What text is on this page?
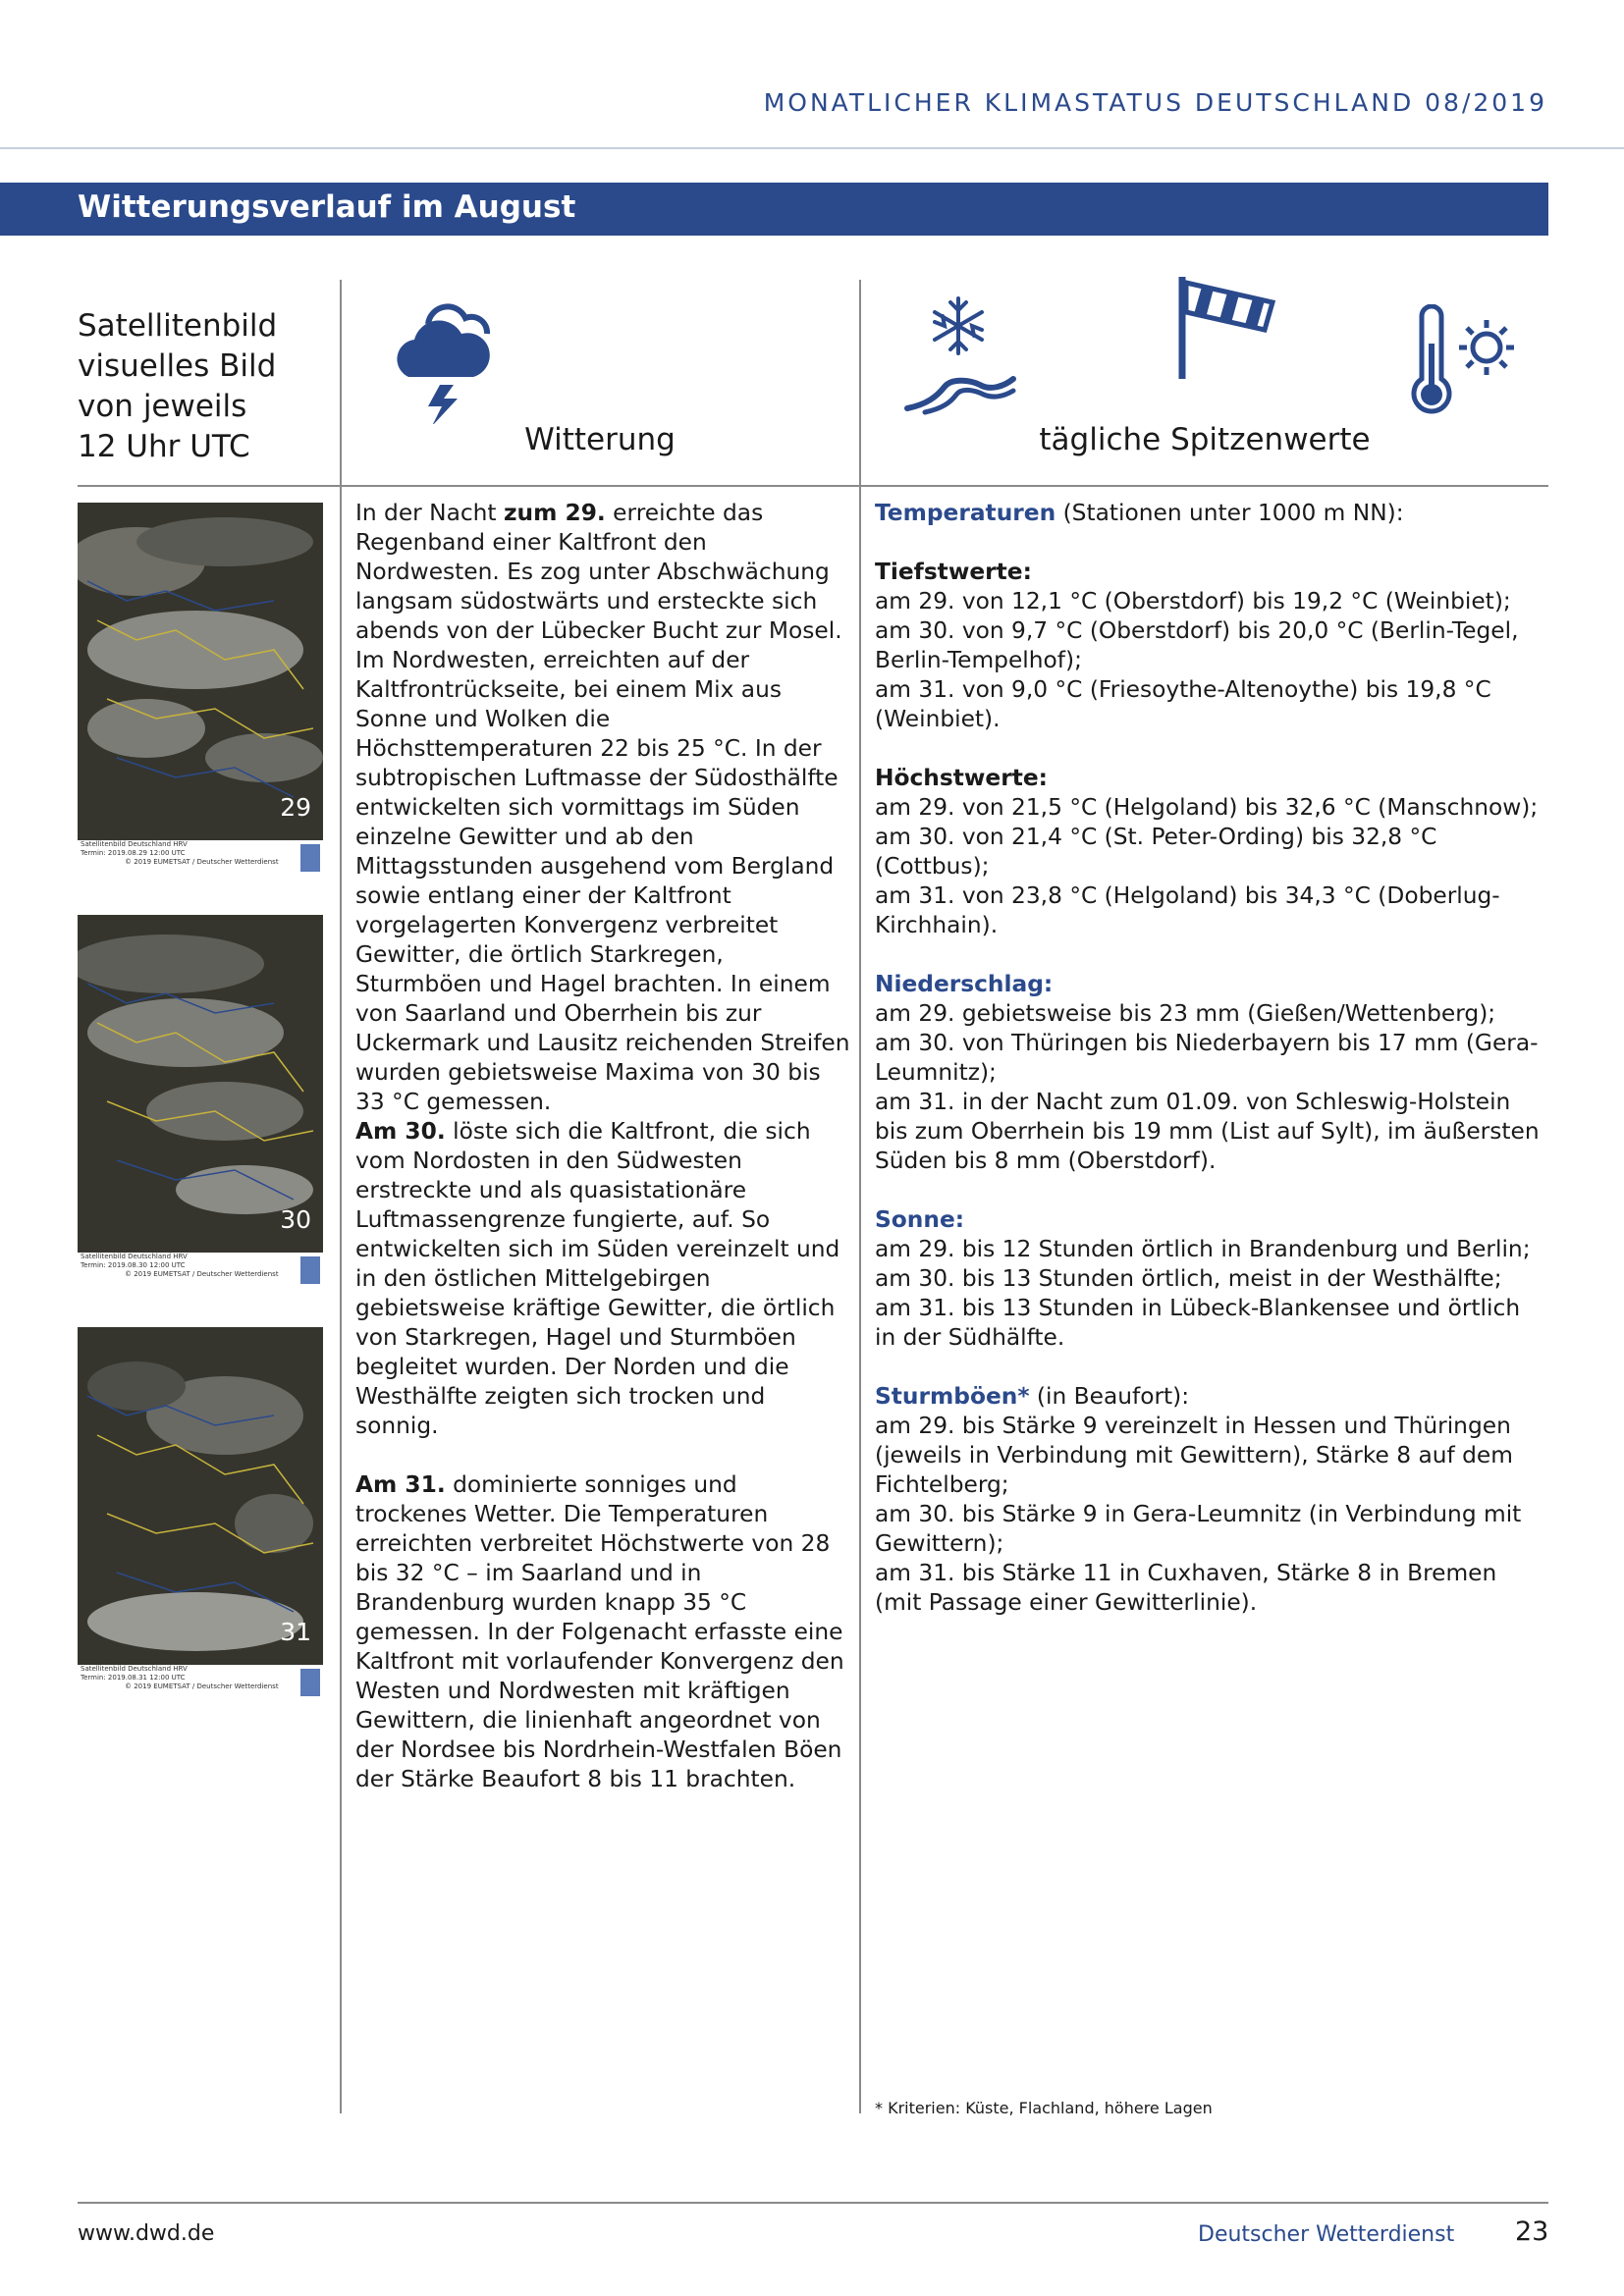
MONATLICHER KLIMASTATUS DEUTSCHLAND 08/2019
Witterungsverlauf im August
Satellitenbild
visuelles Bild
von jeweils
12 Uhr UTC	Witterung	tägliche Spitzenwerte
29
Satellitenbild Deutschland HRV
Termin: 2019.08.29 12:00 UTC
© 2019 EUMETSAT / Deutscher Wetterdienst
30
Satellitenbild Deutschland HRV
Termin: 2019.08.30 12:00 UTC
© 2019 EUMETSAT / Deutscher Wetterdienst
31
Satellitenbild Deutschland HRV
Termin: 2019.08.31 12:00 UTC
© 2019 EUMETSAT / Deutscher Wetterdienst

In der Nacht zum 29. erreichte das Regenband einer Kaltfront den Nordwesten. Es zog unter Abschwächung langsam südostwärts und ersteckte sich abends von der Lübecker Bucht zur Mosel. Im Nordwesten, erreichten auf der Kaltfrontrückseite, bei einem Mix aus Sonne und Wolken die Höchsttemperaturen 22 bis 25 °C. In der subtropischen Luftmasse der Südosthälfte entwickelten sich vormittags im Süden einzelne Gewitter und ab den Mittagsstunden ausgehend vom Bergland sowie entlang einer der Kaltfront vorgelagerten Konvergenz verbreitet Gewitter, die örtlich Starkregen, Sturmböen und Hagel brachten. In einem von Saarland und Oberrhein bis zur Uckermark und Lausitz reichenden Streifen wurden gebietsweise Maxima von 30 bis 33 °C gemessen.

Am 30. löste sich die Kaltfront, die sich vom Nordosten in den Südwesten erstreckte und als quasistationäre Luftmassengrenze fungierte, auf. So entwickelten sich im Süden vereinzelt und in den östlichen Mittelgebirgen gebietsweise kräftige Gewitter, die örtlich von Starkregen, Hagel und Sturmböen begleitet wurden. Der Norden und die Westhälfte zeigten sich trocken und sonnig.

Am 31. dominierte sonniges und trockenes Wetter. Die Temperaturen erreichten verbreitet Höchstwerte von 28 bis 32 °C – im Saarland und in Brandenburg wurden knapp 35 °C gemessen. In der Folgenacht erfasste eine Kaltfront mit vorlaufender Konvergenz den Westen und Nordwesten mit kräftigen Gewittern, die linienhaft angeordnet von der Nordsee bis Nordrhein-Westfalen Böen der Stärke Beaufort 8 bis 11 brachten.

Temperaturen (Stationen unter 1000 m NN):

Tiefstwerte:

am 29. von 12,1 °C (Oberstdorf) bis 19,2 °C (Weinbiet);

am 30. von 9,7 °C (Oberstdorf) bis 20,0 °C (Berlin-Tegel, Berlin-Tempelhof);

am 31. von 9,0 °C (Friesoythe-Altenoythe) bis 19,8 °C (Weinbiet).

Höchstwerte:

am 29. von 21,5 °C (Helgoland) bis 32,6 °C (Manschnow);

am 30. von 21,4 °C (St. Peter-Ording) bis 32,8 °C (Cottbus);

am 31. von 23,8 °C (Helgoland) bis 34,3 °C (Doberlug-Kirchhain).

Niederschlag:

am 29. gebietsweise bis 23 mm (Gießen/Wettenberg);

am 30. von Thüringen bis Niederbayern bis 17 mm (Gera-Leumnitz);

am 31. in der Nacht zum 01.09. von Schleswig-Holstein bis zum Oberrhein bis 19 mm (List auf Sylt), im äußersten Süden bis 8 mm (Oberstdorf).

Sonne:

am 29. bis 12 Stunden örtlich in Brandenburg und Berlin;

am 30. bis 13 Stunden örtlich, meist in der Westhälfte;

am 31. bis 13 Stunden in Lübeck-Blankensee und örtlich in der Südhälfte.

Sturmböen* (in Beaufort):

am 29. bis Stärke 9 vereinzelt in Hessen und Thüringen (jeweils in Verbindung mit Gewittern), Stärke 8 auf dem Fichtelberg;

am 30. bis Stärke 9 in Gera-Leumnitz (in Verbindung mit Gewittern);

am 31. bis Stärke 11 in Cuxhaven, Stärke 8 in Bremen (mit Passage einer Gewitterlinie).

* Kriterien: Küste, Flachland, höhere Lagen
www.dwd.de	Deutscher Wetterdienst 23
